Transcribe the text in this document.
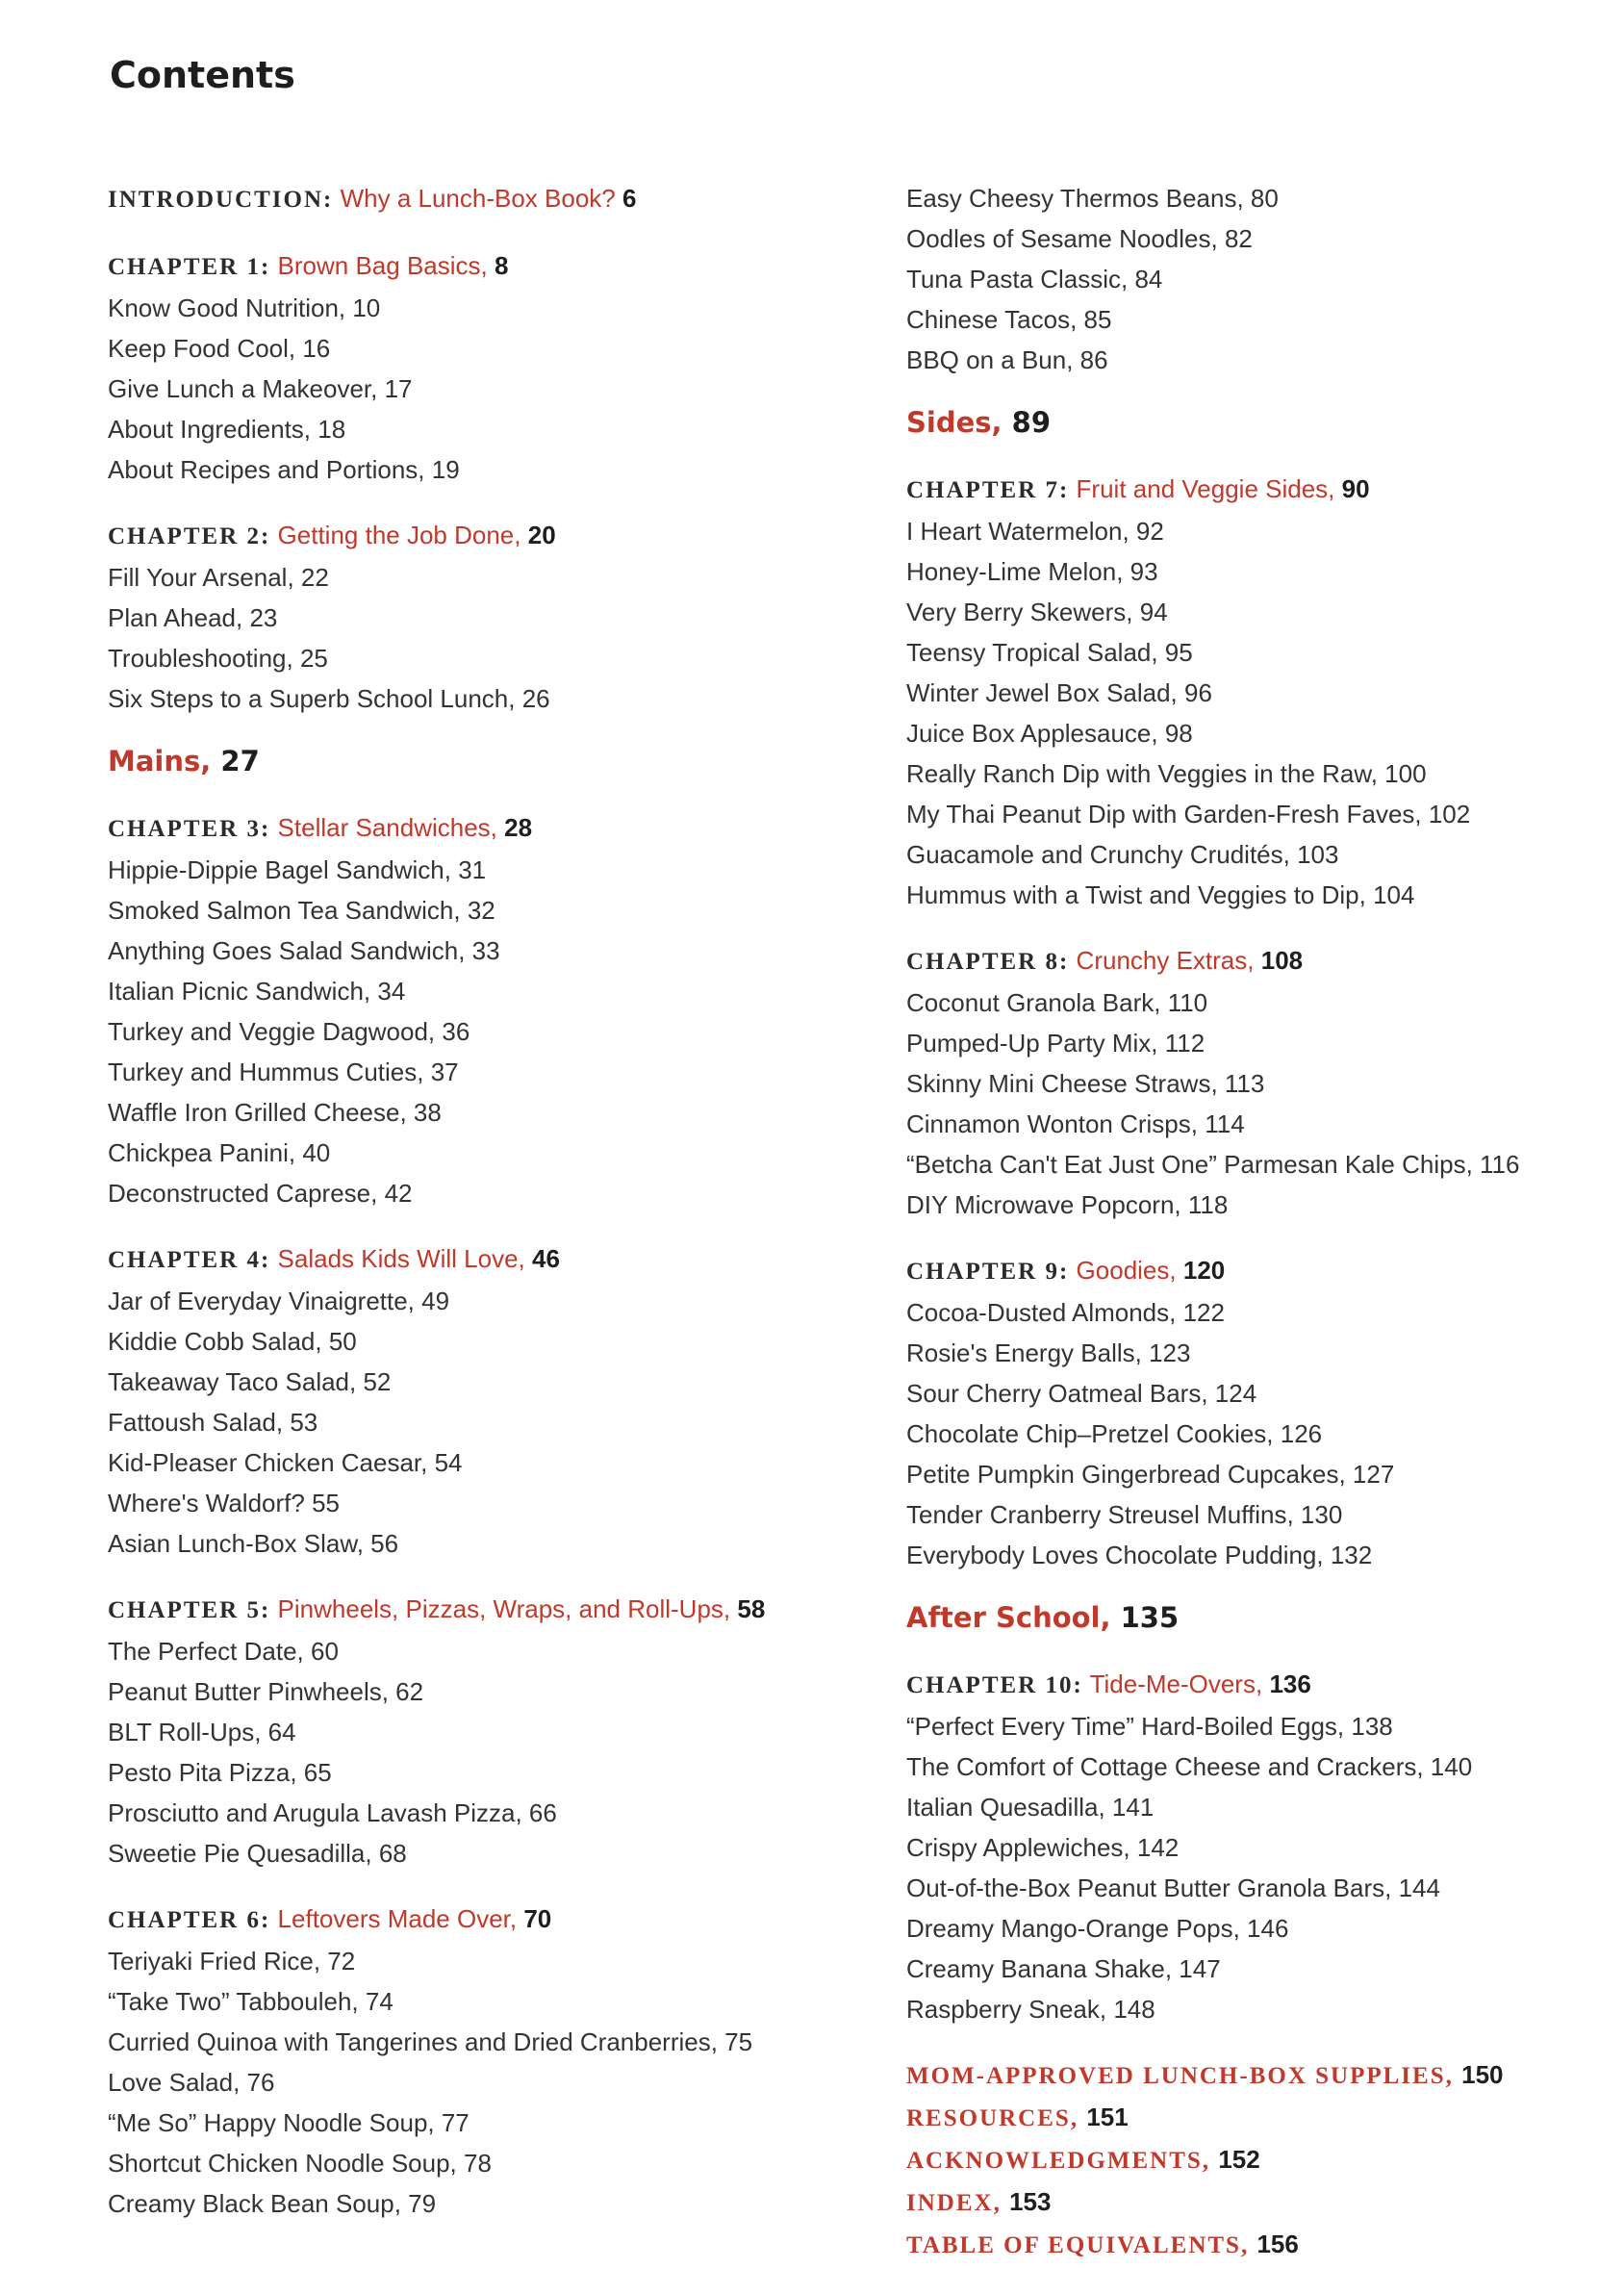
Contents
INTRODUCTION: Why a Lunch-Box Book? 6
CHAPTER 1: Brown Bag Basics, 8
Know Good Nutrition, 10
Keep Food Cool, 16
Give Lunch a Makeover, 17
About Ingredients, 18
About Recipes and Portions, 19
CHAPTER 2: Getting the Job Done, 20
Fill Your Arsenal, 22
Plan Ahead, 23
Troubleshooting, 25
Six Steps to a Superb School Lunch, 26
Mains, 27
CHAPTER 3: Stellar Sandwiches, 28
Hippie-Dippie Bagel Sandwich, 31
Smoked Salmon Tea Sandwich, 32
Anything Goes Salad Sandwich, 33
Italian Picnic Sandwich, 34
Turkey and Veggie Dagwood, 36
Turkey and Hummus Cuties, 37
Waffle Iron Grilled Cheese, 38
Chickpea Panini, 40
Deconstructed Caprese, 42
CHAPTER 4: Salads Kids Will Love, 46
Jar of Everyday Vinaigrette, 49
Kiddie Cobb Salad, 50
Takeaway Taco Salad, 52
Fattoush Salad, 53
Kid-Pleaser Chicken Caesar, 54
Where's Waldorf? 55
Asian Lunch-Box Slaw, 56
CHAPTER 5: Pinwheels, Pizzas, Wraps, and Roll-Ups, 58
The Perfect Date, 60
Peanut Butter Pinwheels, 62
BLT Roll-Ups, 64
Pesto Pita Pizza, 65
Prosciutto and Arugula Lavash Pizza, 66
Sweetie Pie Quesadilla, 68
CHAPTER 6: Leftovers Made Over, 70
Teriyaki Fried Rice, 72
“Take Two” Tabbouleh, 74
Curried Quinoa with Tangerines and Dried Cranberries, 75
Love Salad, 76
“Me So” Happy Noodle Soup, 77
Shortcut Chicken Noodle Soup, 78
Creamy Black Bean Soup, 79
Easy Cheesy Thermos Beans, 80
Oodles of Sesame Noodles, 82
Tuna Pasta Classic, 84
Chinese Tacos, 85
BBQ on a Bun, 86
Sides, 89
CHAPTER 7: Fruit and Veggie Sides, 90
I Heart Watermelon, 92
Honey-Lime Melon, 93
Very Berry Skewers, 94
Teensy Tropical Salad, 95
Winter Jewel Box Salad, 96
Juice Box Applesauce, 98
Really Ranch Dip with Veggies in the Raw, 100
My Thai Peanut Dip with Garden-Fresh Faves, 102
Guacamole and Crunchy Crudités, 103
Hummus with a Twist and Veggies to Dip, 104
CHAPTER 8: Crunchy Extras, 108
Coconut Granola Bark, 110
Pumped-Up Party Mix, 112
Skinny Mini Cheese Straws, 113
Cinnamon Wonton Crisps, 114
“Betcha Can't Eat Just One” Parmesan Kale Chips, 116
DIY Microwave Popcorn, 118
CHAPTER 9: Goodies, 120
Cocoa-Dusted Almonds, 122
Rosie's Energy Balls, 123
Sour Cherry Oatmeal Bars, 124
Chocolate Chip–Pretzel Cookies, 126
Petite Pumpkin Gingerbread Cupcakes, 127
Tender Cranberry Streusel Muffins, 130
Everybody Loves Chocolate Pudding, 132
After School, 135
CHAPTER 10: Tide-Me-Overs, 136
“Perfect Every Time” Hard-Boiled Eggs, 138
The Comfort of Cottage Cheese and Crackers, 140
Italian Quesadilla, 141
Crispy Applewiches, 142
Out-of-the-Box Peanut Butter Granola Bars, 144
Dreamy Mango-Orange Pops, 146
Creamy Banana Shake, 147
Raspberry Sneak, 148
MOM-APPROVED LUNCH-BOX SUPPLIES, 150
RESOURCES, 151
ACKNOWLEDGMENTS, 152
INDEX, 153
TABLE OF EQUIVALENTS, 156
